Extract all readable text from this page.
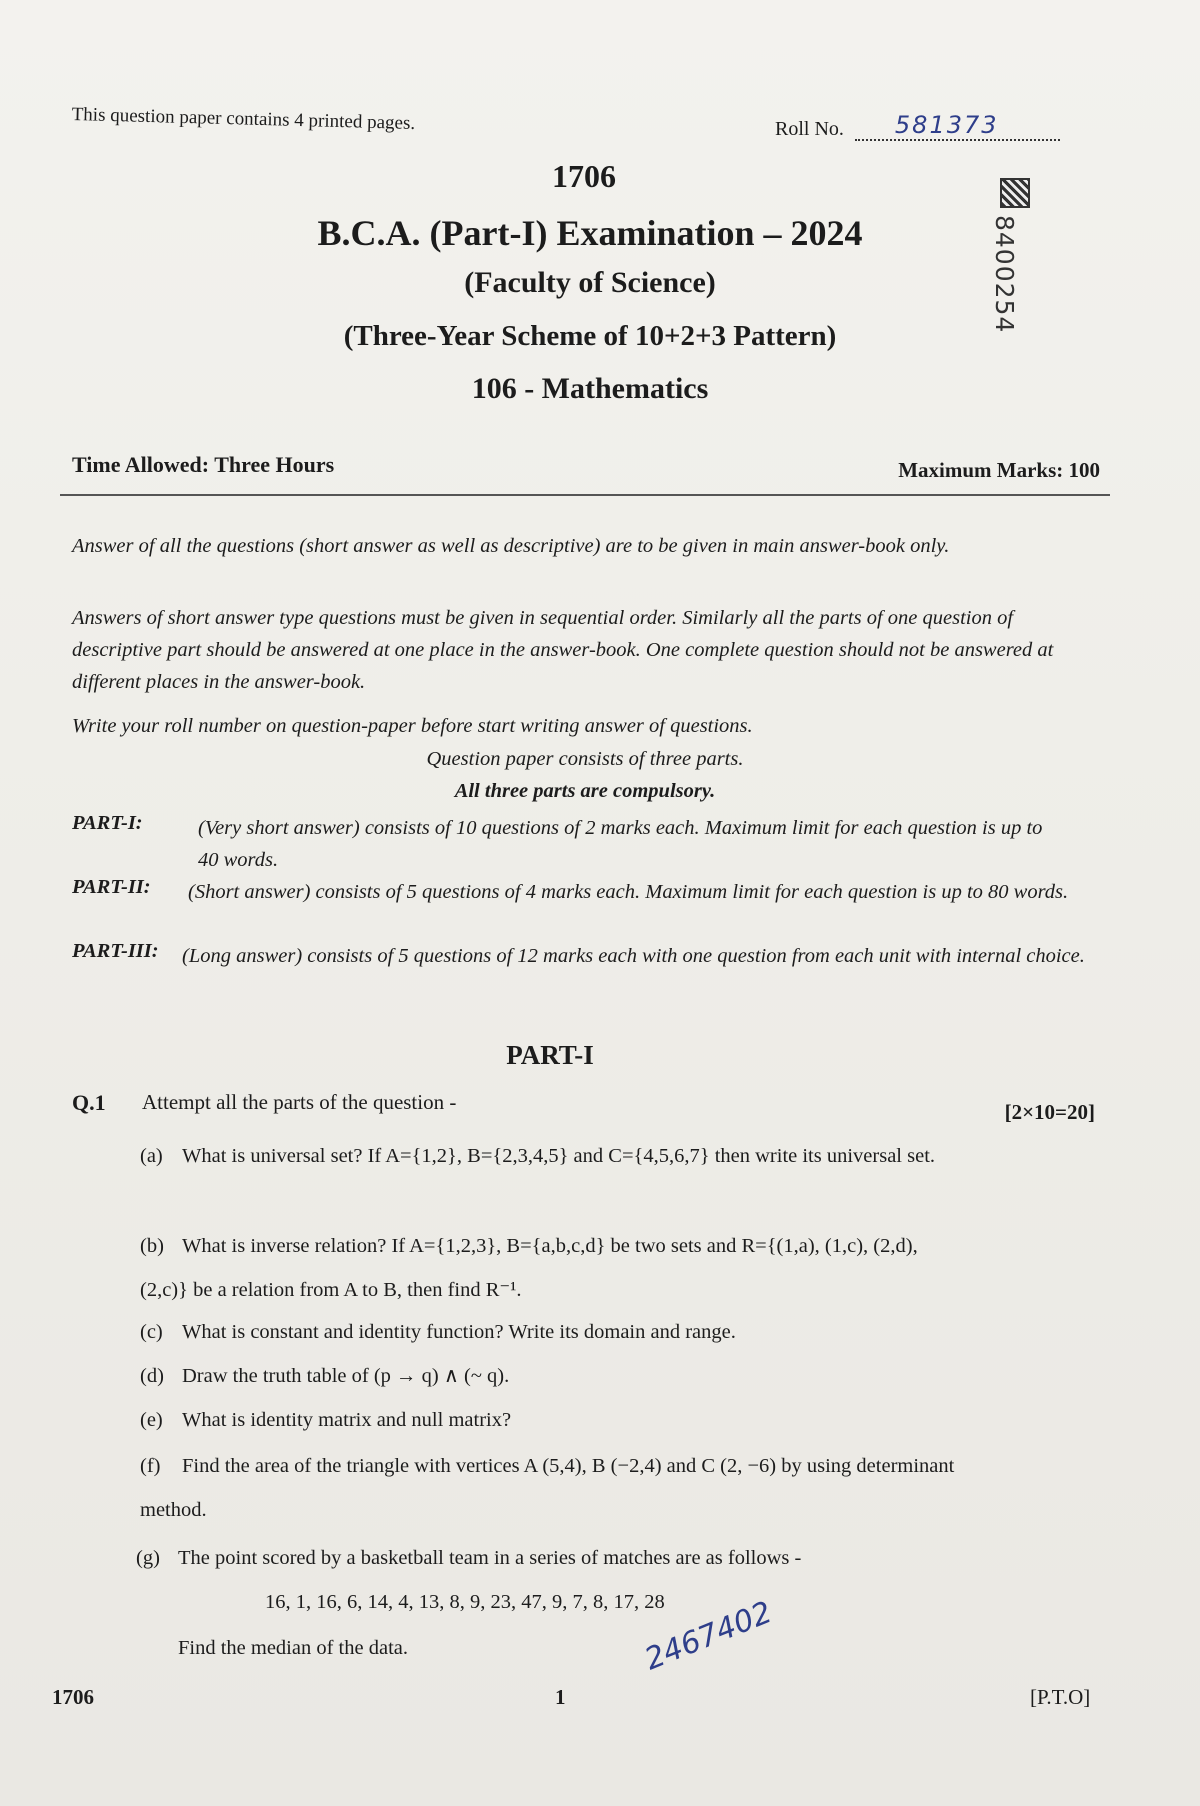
This question paper contains 4 printed pages.	Roll No. 581373
1706
8400254
B.C.A. (Part-I) Examination – 2024
(Faculty of Science)
(Three-Year Scheme of 10+2+3 Pattern)
106 - Mathematics
Time Allowed: Three Hours	Maximum Marks: 100
Answer of all the questions (short answer as well as descriptive) are to be given in main answer-book only.
Answers of short answer type questions must be given in sequential order. Similarly all the parts of one question of descriptive part should be answered at one place in the answer-book. One complete question should not be answered at different places in the answer-book.
Write your roll number on question-paper before start writing answer of questions.
Question paper consists of three parts.
All three parts are compulsory.
PART-I:	(Very short answer) consists of 10 questions of 2 marks each. Maximum limit for each question is up to 40 words.
PART-II: (Short answer) consists of 5 questions of 4 marks each. Maximum limit for each question is up to 80 words.
PART-III: (Long answer) consists of 5 questions of 12 marks each with one question from each unit with internal choice.
PART-I
Q.1 Attempt all the parts of the question -	[2×10=20]
(a) What is universal set? If A={1,2}, B={2,3,4,5} and C={4,5,6,7} then write its universal set.
(b) What is inverse relation? If A={1,2,3}, B={a,b,c,d} be two sets and R={(1,a), (1,c), (2,d), (2,c)} be a relation from A to B, then find R⁻¹.
(c) What is constant and identity function? Write its domain and range.
(d) Draw the truth table of (p → q) ∧ (~ q).
(e) What is identity matrix and null matrix?
(f) Find the area of the triangle with vertices A (5,4), B (−2,4) and C (2, −6) by using determinant method.
(g) The point scored by a basketball team in a series of matches are as follows -
16, 1, 16, 6, 14, 4, 13, 8, 9, 23, 47, 9, 7, 8, 17, 28
Find the median of the data.
1706	1	[P.T.O]
2467402
